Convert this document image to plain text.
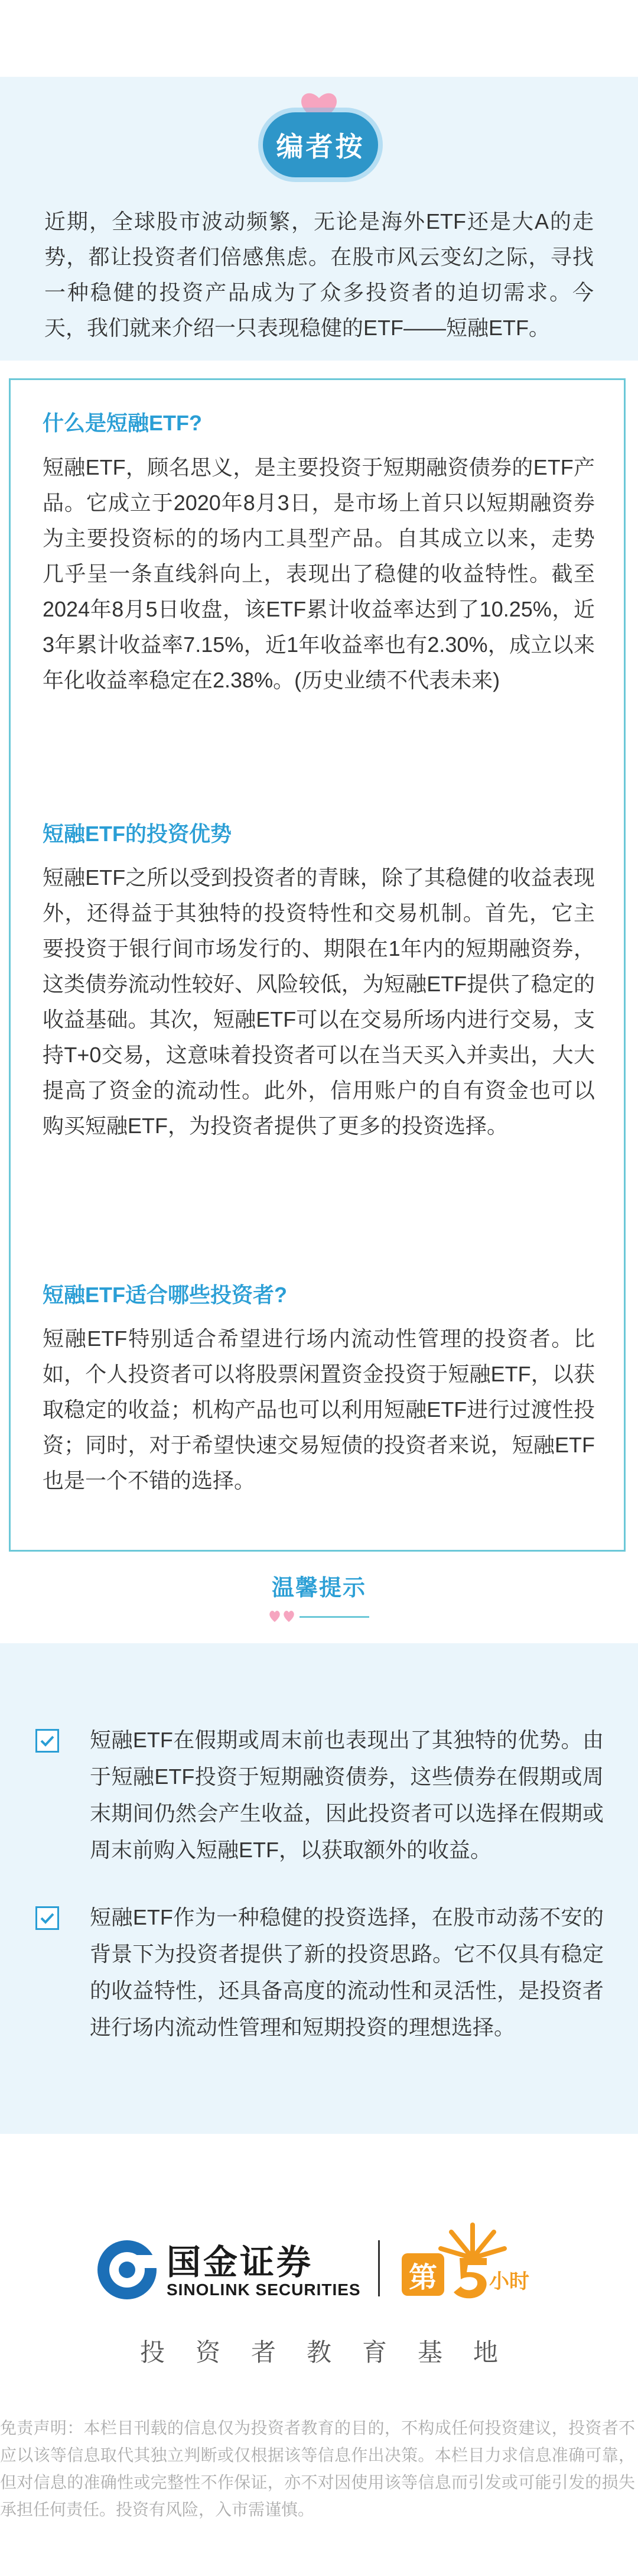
编者按
近期，全球股市波动频繁，无论是海外ETF还是大A的走势，都让投资者们倍感焦虑。在股市风云变幻之际，寻找一种稳健的投资产品成为了众多投资者的迫切需求。今天，我们就来介绍一只表现稳健的ETF——短融ETF。
什么是短融ETF?
短融ETF，顾名思义，是主要投资于短期融资债券的ETF产品。它成立于2020年8月3日，是市场上首只以短期融资券为主要投资标的的场内工具型产品。自其成立以来，走势几乎呈一条直线斜向上，表现出了稳健的收益特性。截至2024年8月5日收盘，该ETF累计收益率达到了10.25%，近3年累计收益率7.15%，近1年收益率也有2.30%，成立以来年化收益率稳定在2.38%。(历史业绩不代表未来)
短融ETF的投资优势
短融ETF之所以受到投资者的青睐，除了其稳健的收益表现外，还得益于其独特的投资特性和交易机制。首先，它主要投资于银行间市场发行的、期限在1年内的短期融资券，这类债券流动性较好、风险较低，为短融ETF提供了稳定的收益基础。其次，短融ETF可以在交易所场内进行交易，支持T+0交易，这意味着投资者可以在当天买入并卖出，大大提高了资金的流动性。此外，信用账户的自有资金也可以购买短融ETF，为投资者提供了更多的投资选择。
短融ETF适合哪些投资者?
短融ETF特别适合希望进行场内流动性管理的投资者。比如，个人投资者可以将股票闲置资金投资于短融ETF，以获取稳定的收益；机构产品也可以利用短融ETF进行过渡性投资；同时，对于希望快速交易短债的投资者来说，短融ETF也是一个不错的选择。
温馨提示
短融ETF在假期或周末前也表现出了其独特的优势。由于短融ETF投资于短期融资债券，这些债券在假期或周末期间仍然会产生收益，因此投资者可以选择在假期或周末前购入短融ETF，以获取额外的收益。
短融ETF作为一种稳健的投资选择，在股市动荡不安的背景下为投资者提供了新的投资思路。它不仅具有稳定的收益特性，还具备高度的流动性和灵活性，是投资者进行场内流动性管理和短期投资的理想选择。
国金证券
SINOLINK SECURITIES 第	小时
投资者教育基地
免责声明：本栏目刊载的信息仅为投资者教育的目的，不构成任何投资建议，投资者不应以该等信息取代其独立判断或仅根据该等信息作出决策。本栏目力求信息准确可靠，但对信息的准确性或完整性不作保证，亦不对因使用该等信息而引发或可能引发的损失承担任何责任。投资有风险，入市需谨慎。
